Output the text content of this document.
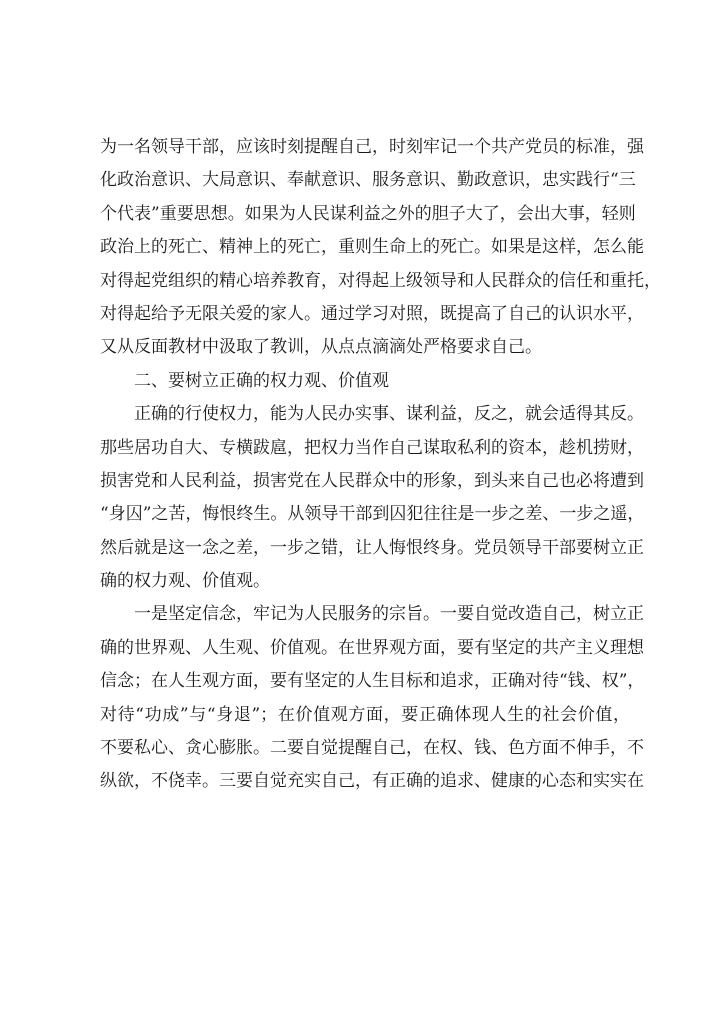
为一名领导干部，应该时刻提醒自己，时刻牢记一个共产党员的标准，强
化政治意识、大局意识、奉献意识、服务意识、勤政意识，忠实践行“三
个代表”重要思想。如果为人民谋利益之外的胆子大了，会出大事，轻则
政治上的死亡、精神上的死亡，重则生命上的死亡。如果是这样，怎么能
对得起党组织的精心培养教育，对得起上级领导和人民群众的信任和重托，
对得起给予无限关爱的家人。通过学习对照，既提高了自己的认识水平，
又从反面教材中汲取了教训，从点点滴滴处严格要求自己。
二、要树立正确的权力观、价值观
正确的行使权力，能为人民办实事、谋利益，反之，就会适得其反。
那些居功自大、专横跋扈，把权力当作自己谋取私利的资本，趁机捞财，
损害党和人民利益，损害党在人民群众中的形象，到头来自己也必将遭到
“身囚”之苦，悔恨终生。从领导干部到囚犯往往是一步之差、一步之遥，
然后就是这一念之差，一步之错，让人悔恨终身。党员领导干部要树立正
确的权力观、价值观。
一是坚定信念，牢记为人民服务的宗旨。一要自觉改造自己，树立正
确的世界观、人生观、价值观。在世界观方面，要有坚定的共产主义理想
信念；在人生观方面，要有坚定的人生目标和追求，正确对待“钱、权”，
对待“功成”与“身退”；在价值观方面，要正确体现人生的社会价值，
不要私心、贪心膨胀。二要自觉提醒自己，在权、钱、色方面不伸手，不
纵欲，不侥幸。三要自觉充实自己，有正确的追求、健康的心态和实实在
